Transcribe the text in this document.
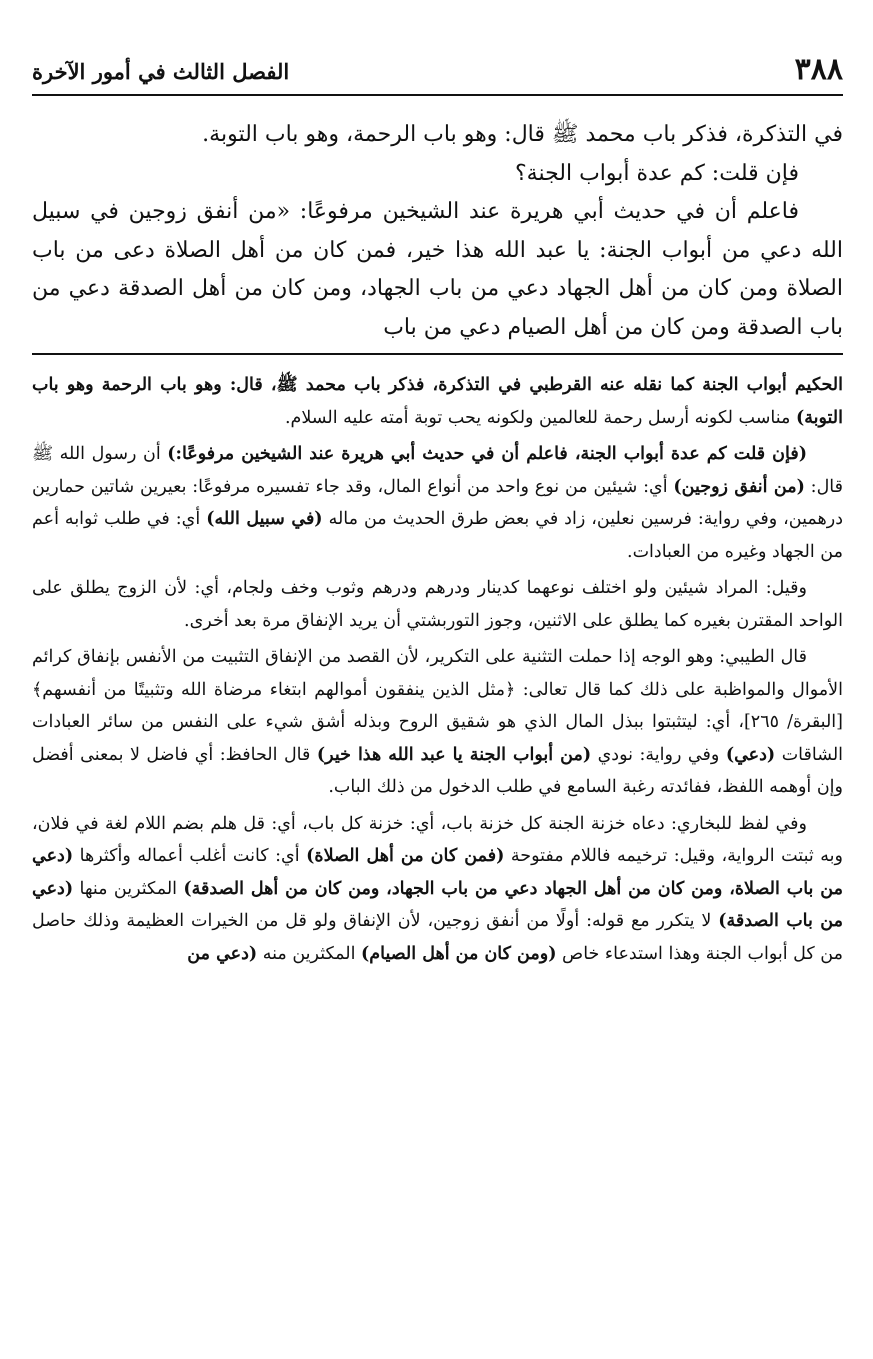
٣٨٨
الفصل الثالث في أمور الآخرة

في التذكرة، فذكر باب محمد ﷺ قال: وهو باب الرحمة، وهو باب التوبة.

فإن قلت: كم عدة أبواب الجنة؟

فاعلم أن في حديث أبي هريرة عند الشيخين مرفوعًا: «من أنفق زوجين في سبيل الله دعي من أبواب الجنة: يا عبد الله هذا خير، فمن كان من أهل الصلاة دعى من باب الصلاة ومن كان من أهل الجهاد دعي من باب الجهاد، ومن كان من أهل الصدقة دعي من باب الصدقة ومن كان من أهل الصيام دعي من باب

الحكيم أبواب الجنة كما نقله عنه القرطبي في التذكرة، فذكر باب محمد ﷺ، قال: وهو باب الرحمة وهو باب التوبة) مناسب لكونه أرسل رحمة للعالمين ولكونه يحب توبة أمته عليه السلام.

(فإن قلت كم عدة أبواب الجنة، فاعلم أن في حديث أبي هريرة عند الشيخين مرفوعًا:) أن رسول الله ﷺ قال: (من أنفق زوجين) أي: شيئين من نوع واحد من أنواع المال، وقد جاء تفسيره مرفوعًا: بعيرين شاتين حمارين درهمين، وفي رواية: فرسين نعلين، زاد في بعض طرق الحديث من ماله (في سبيل الله) أي: في طلب ثوابه أعم من الجهاد وغيره من العبادات.

وقيل: المراد شيئين ولو اختلف نوعهما كدينار ودرهم ودرهم وثوب وخف ولجام، أي: لأن الزوج يطلق على الواحد المقترن بغيره كما يطلق على الاثنين، وجوز التوربشتي أن يريد الإنفاق مرة بعد أخرى.

قال الطيبي: وهو الوجه إذا حملت التثنية على التكرير، لأن القصد من الإنفاق التثبيت من الأنفس بإنفاق كرائم الأموال والمواظبة على ذلك كما قال تعالى: ﴿مثل الذين ينفقون أموالهم ابتغاء مرضاة الله وتثبيتًا من أنفسهم﴾ [البقرة/ ٢٦٥]، أي: ليتثبتوا ببذل المال الذي هو شقيق الروح وبذله أشق شيء على النفس من سائر العبادات الشاقات (دعي) وفي رواية: نودي (من أبواب الجنة يا عبد الله هذا خير) قال الحافظ: أي فاضل لا بمعنى أفضل وإن أوهمه اللفظ، ففائدته رغبة السامع في طلب الدخول من ذلك الباب.

وفي لفظ للبخاري: دعاه خزنة الجنة كل خزنة باب، أي: خزنة كل باب، أي: قل هلم بضم اللام لغة في فلان، وبه ثبتت الرواية، وقيل: ترخيمه فاللام مفتوحة (فمن كان من أهل الصلاة) أي: كانت أغلب أعماله وأكثرها (دعي من باب الصلاة، ومن كان من أهل الجهاد دعي من باب الجهاد، ومن كان من أهل الصدقة) المكثرين منها (دعي من باب الصدقة) لا يتكرر مع قوله: أولًا من أنفق زوجين، لأن الإنفاق ولو قل من الخيرات العظيمة وذلك حاصل من كل أبواب الجنة وهذا استدعاء خاص (ومن كان من أهل الصيام) المكثرين منه (دعي من
